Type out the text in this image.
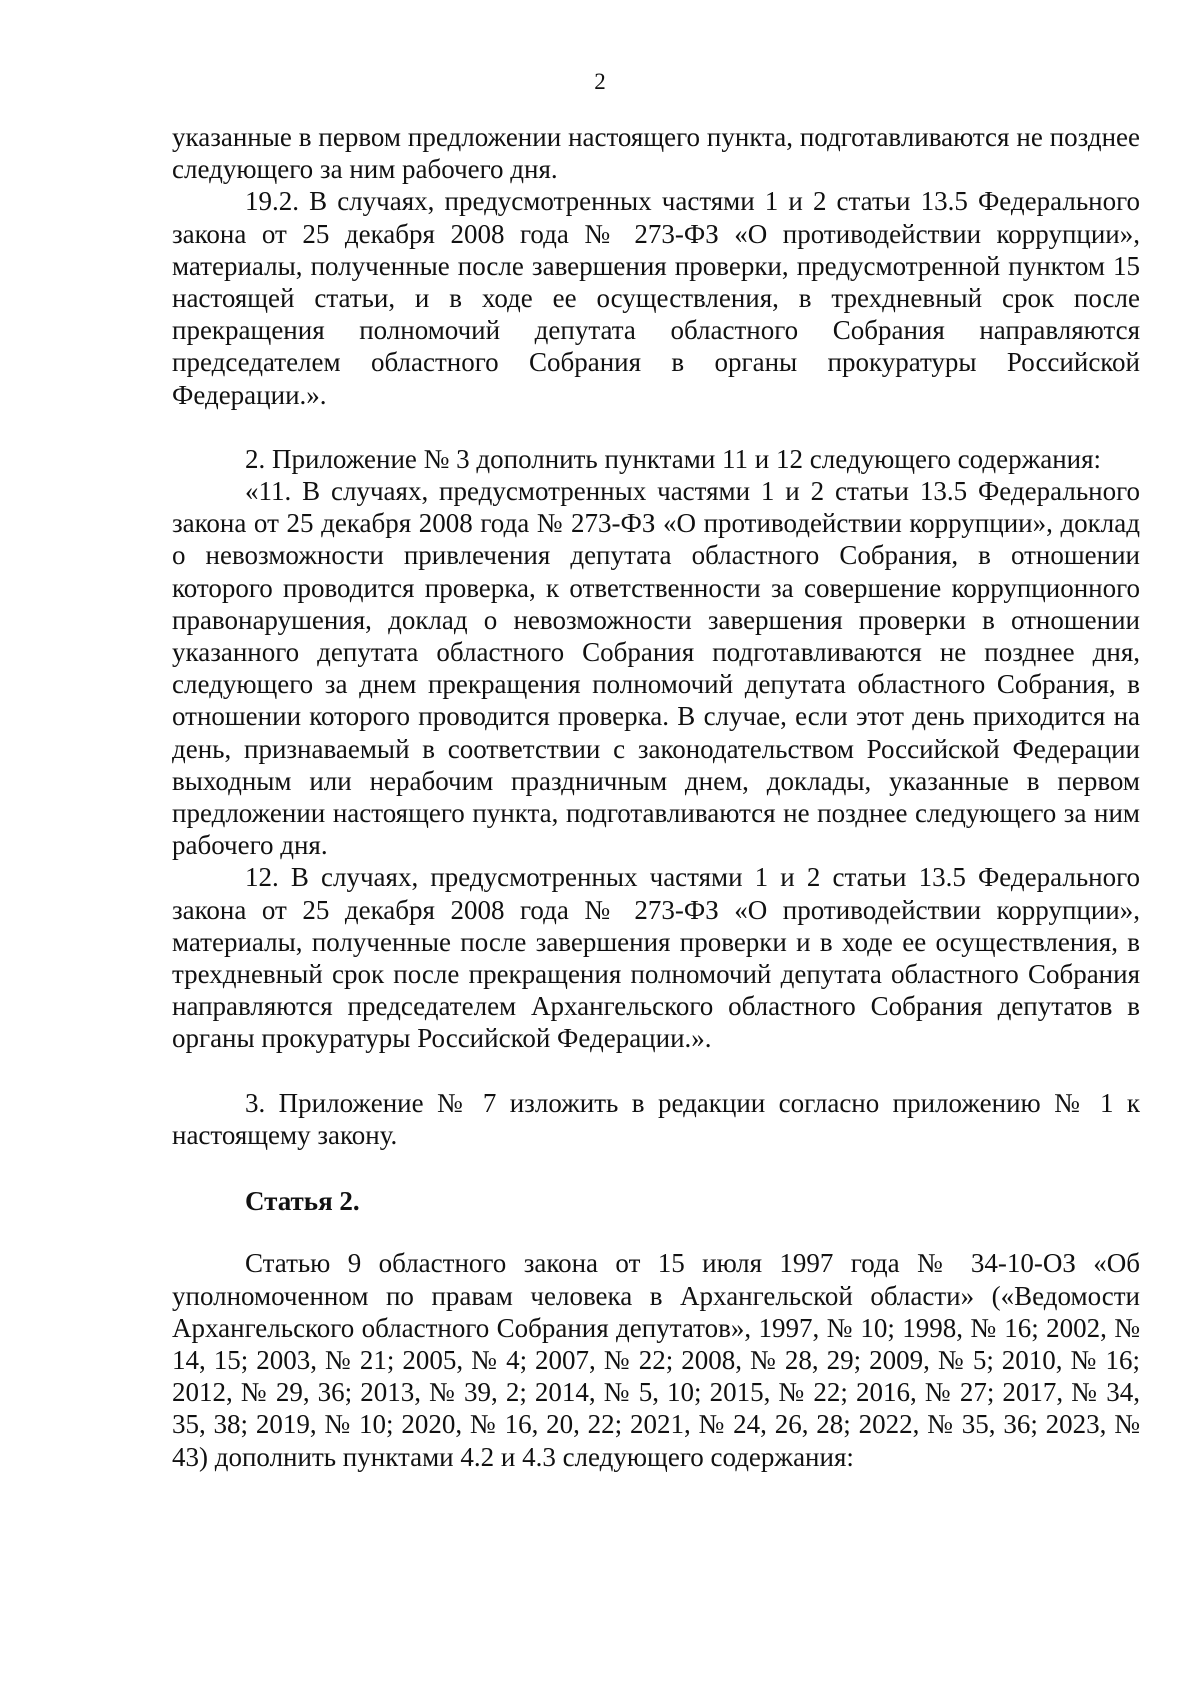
2

указанные в первом предложении настоящего пункта, подготавливаются не позднее следующего за ним рабочего дня.

19.2. В случаях, предусмотренных частями 1 и 2 статьи 13.5 Федерального закона от 25 декабря 2008 года № 273-ФЗ «О противодействии коррупции», материалы, полученные после завершения проверки, предусмотренной пунктом 15 настоящей статьи, и в ходе ее осуществления, в трехдневный срок после прекращения полномочий депутата областного Собрания направляются председателем областного Собрания в органы прокуратуры Российской Федерации.».

2. Приложение № 3 дополнить пунктами 11 и 12 следующего содержания:

«11. В случаях, предусмотренных частями 1 и 2 статьи 13.5 Федерального закона от 25 декабря 2008 года № 273-ФЗ «О противодействии коррупции», доклад о невозможности привлечения депутата областного Собрания, в отношении которого проводится проверка, к ответственности за совершение коррупционного правонарушения, доклад о невозможности завершения проверки в отношении указанного депутата областного Собрания подготавливаются не позднее дня, следующего за днем прекращения полномочий депутата областного Собрания, в отношении которого проводится проверка. В случае, если этот день приходится на день, признаваемый в соответствии с законодательством Российской Федерации выходным или нерабочим праздничным днем, доклады, указанные в первом предложении настоящего пункта, подготавливаются не позднее следующего за ним рабочего дня.

12. В случаях, предусмотренных частями 1 и 2 статьи 13.5 Федерального закона от 25 декабря 2008 года № 273-ФЗ «О противодействии коррупции», материалы, полученные после завершения проверки и в ходе ее осуществления, в трехдневный срок после прекращения полномочий депутата областного Собрания направляются председателем Архангельского областного Собрания депутатов в органы прокуратуры Российской Федерации.».

3. Приложение № 7 изложить в редакции согласно приложению № 1 к настоящему закону.

Статья 2.

Статью 9 областного закона от 15 июля 1997 года № 34-10-ОЗ «Об уполномоченном по правам человека в Архангельской области» («Ведомости Архангельского областного Собрания депутатов», 1997, № 10; 1998, № 16; 2002, № 14, 15; 2003, № 21; 2005, № 4; 2007, № 22; 2008, № 28, 29; 2009, № 5; 2010, № 16; 2012, № 29, 36; 2013, № 39, 2; 2014, № 5, 10; 2015, № 22; 2016, № 27; 2017, № 34, 35, 38; 2019, № 10; 2020, № 16, 20, 22; 2021, № 24, 26, 28; 2022, № 35, 36; 2023, № 43) дополнить пунктами 4.2 и 4.3 следующего содержания:
